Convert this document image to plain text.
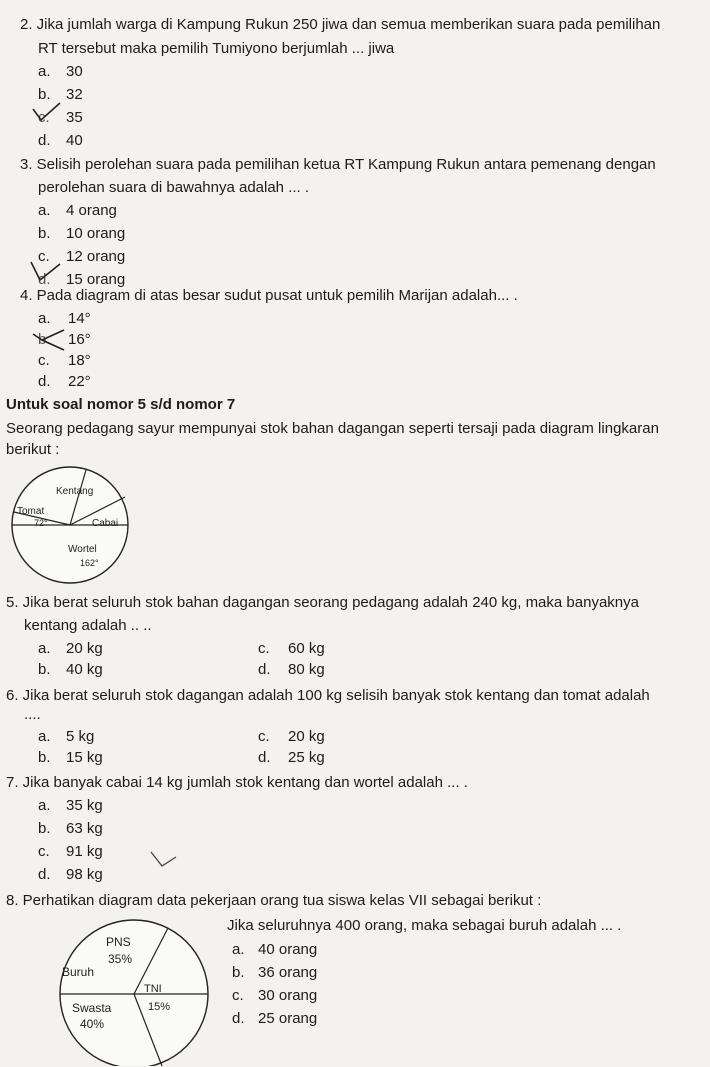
2. Jika jumlah warga di Kampung Rukun 250 jiwa dan semua memberikan suara pada pemilihan
RT tersebut maka pemilih Tumiyono berjumlah ... jiwa
a. 30
b. 32
c. 35
d. 40
3. Selisih perolehan suara pada pemilihan ketua RT Kampung Rukun antara pemenang dengan
perolehan suara di bawahnya adalah ... .
a. 4 orang
b. 10 orang
c. 12 orang
d. 15 orang
4. Pada diagram di atas besar sudut pusat untuk pemilih Marijan adalah... .
a. 14°
b. 16°
c. 18°
d. 22°
Untuk soal nomor 5 s/d nomor 7
Seorang pedagang sayur mempunyai stok bahan dagangan seperti tersaji pada diagram lingkaran
berikut :
Kentang
Tomat
72°	Cabai
Wortel
162°
5. Jika berat seluruh stok bahan dagangan seorang pedagang adalah 240 kg, maka banyaknya
kentang adalah .. ..
a. 20 kg
b. 40 kg
c. 60 kg
d. 80 kg
6. Jika berat seluruh stok dagangan adalah 100 kg selisih banyak stok kentang dan tomat adalah
....
a. 5 kg
b. 15 kg
c. 20 kg
d. 25 kg
7. Jika banyak cabai 14 kg jumlah stok kentang dan wortel adalah ... .
a. 35 kg
b. 63 kg
c. 91 kg
d. 98 kg
8. Perhatikan diagram data pekerjaan orang tua siswa kelas VII sebagai berikut :
Jika seluruhnya 400 orang, maka sebagai buruh adalah ... .
a. 40 orang
b. 36 orang
c. 30 orang
d. 25 orang
PNS
35%
Buruh
TNI
15%
Swasta
40%
